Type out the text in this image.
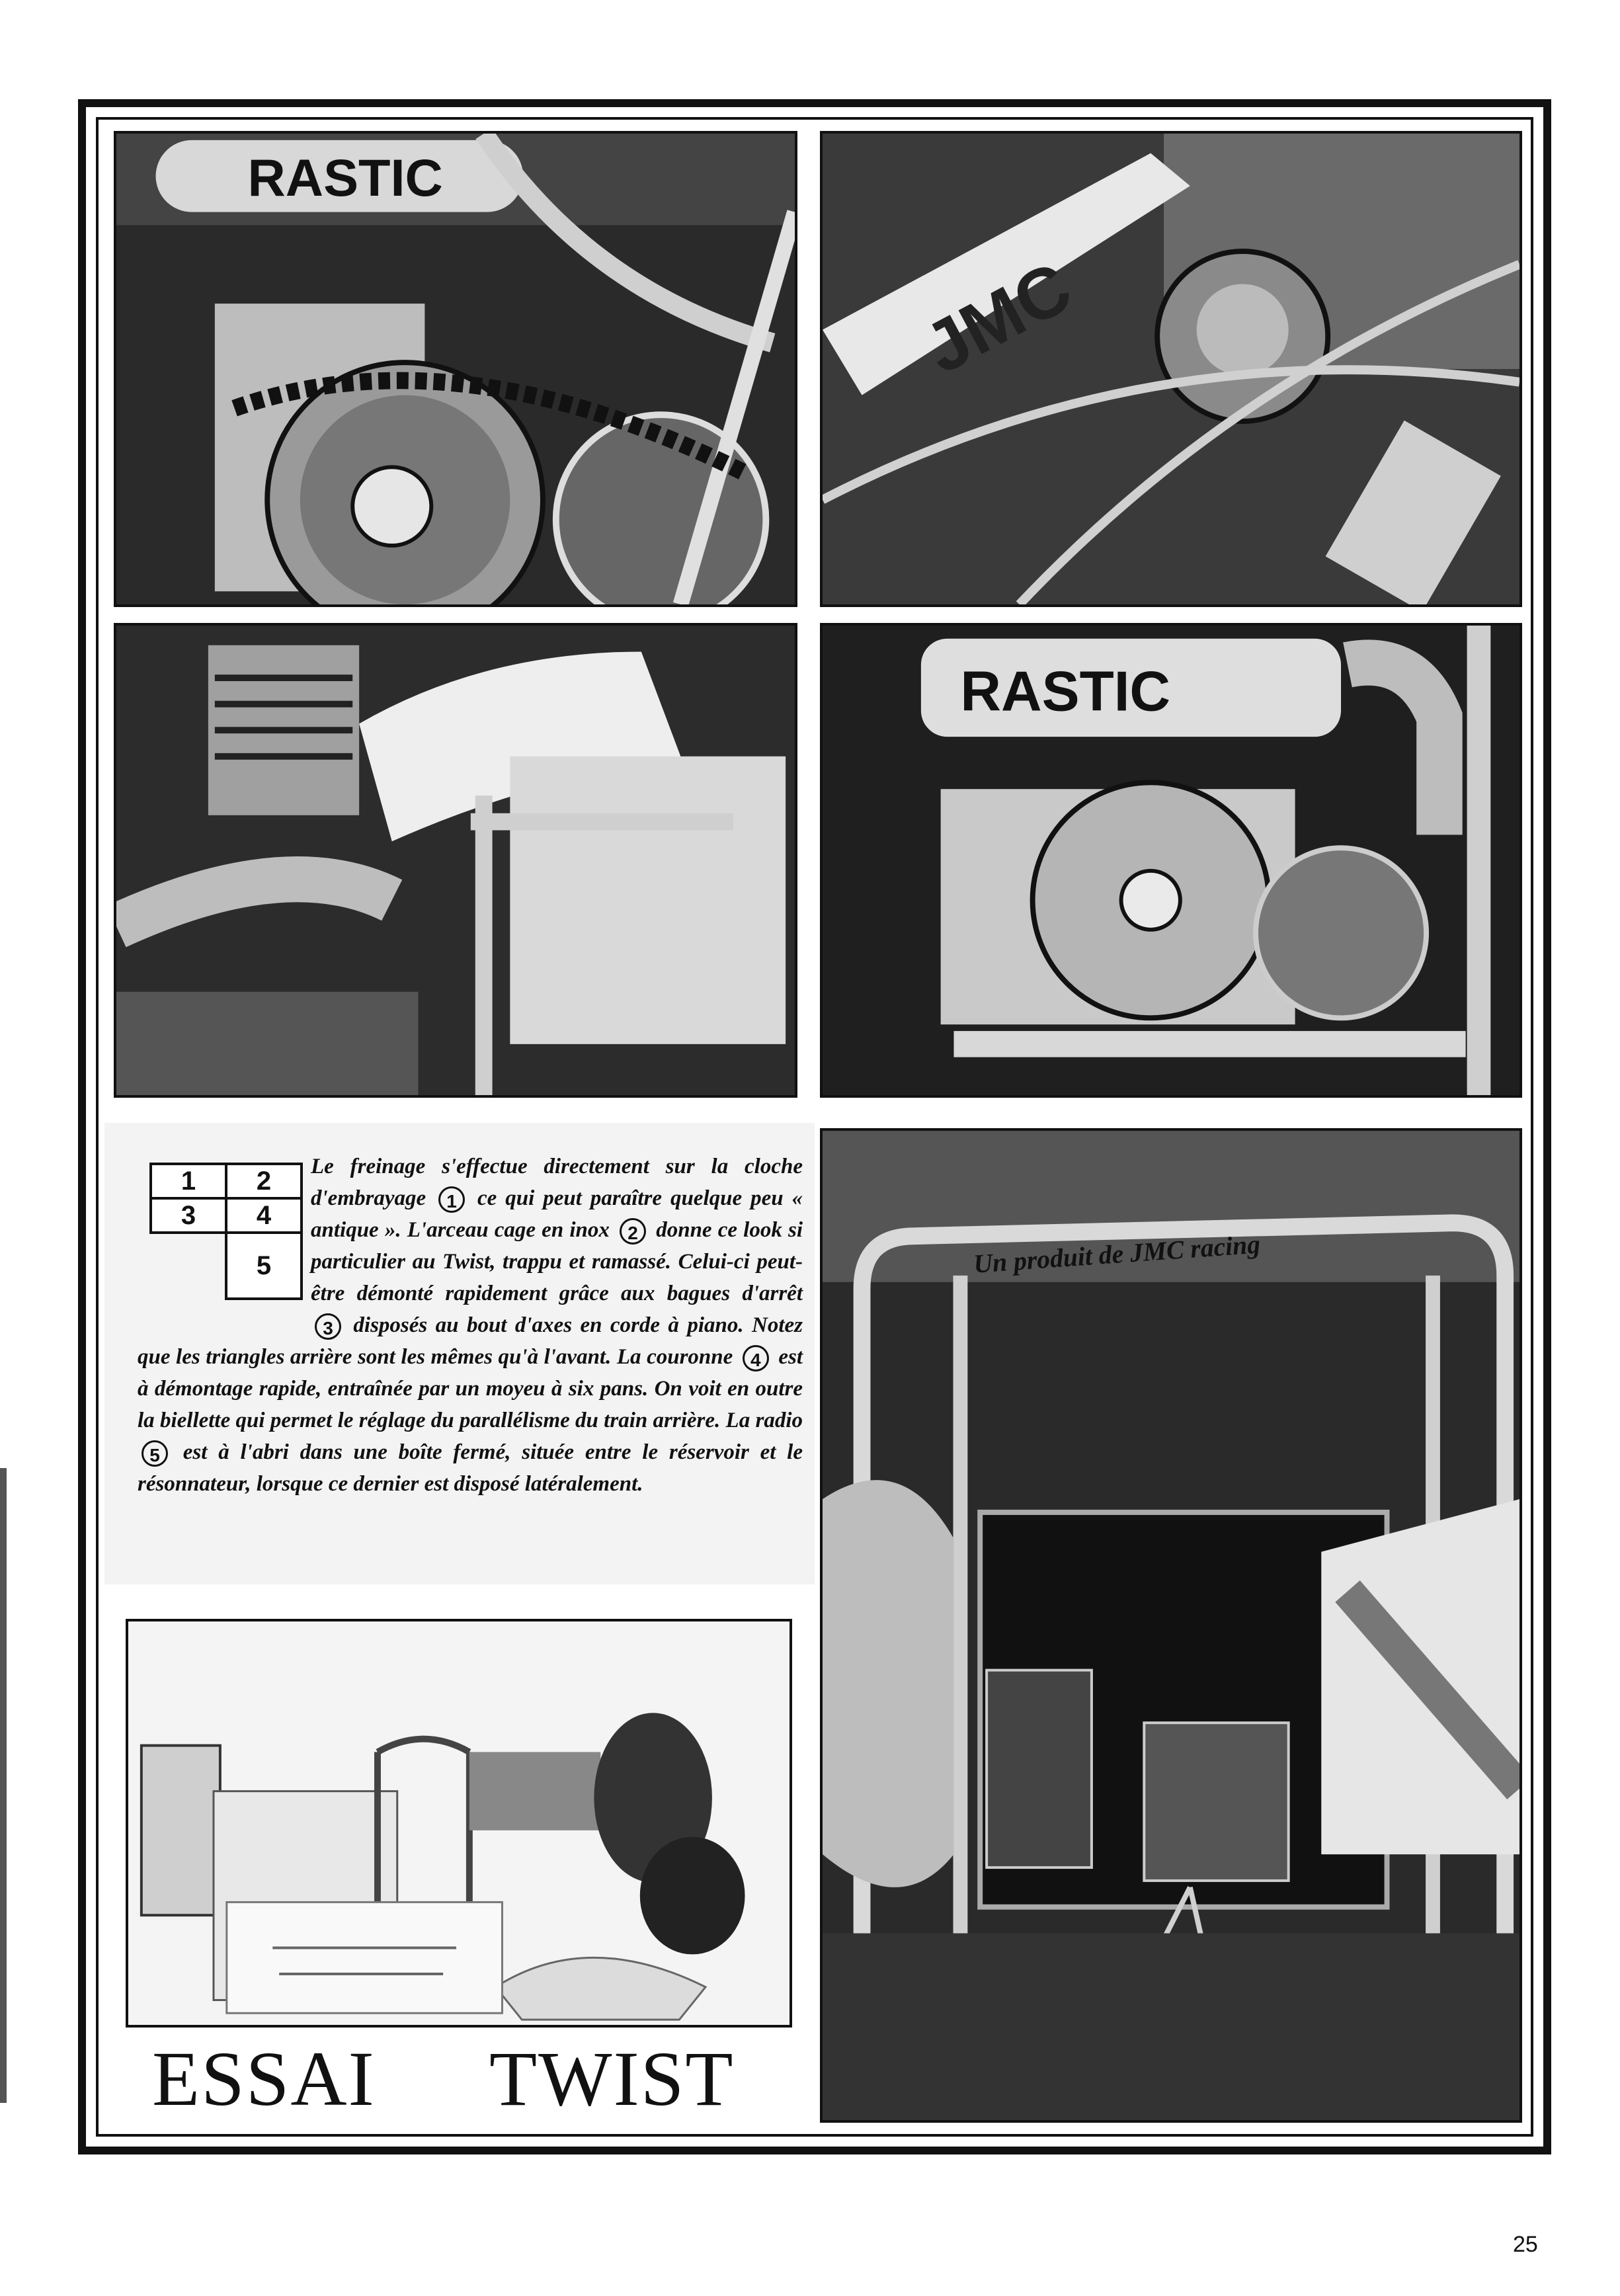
RASTIC
JMC
RASTIC
1	2
3	4
5

Le freinage s'effectue directement sur la cloche d'embrayage 1 ce qui peut paraître quelque peu « antique ». L'arceau cage en inox 2 donne ce look si particulier au Twist, trappu et ramassé. Celui-ci peut-être démonté rapidement grâce aux bagues d'arrêt 3 disposés au bout d'axes en corde à piano. Notez que les triangles arrière sont les mêmes qu'à l'avant. La couronne 4 est à démontage rapide, entraînée par un moyeu à six pans. On voit en outre la biellette qui permet le réglage du parallélisme du train arrière. La radio 5 est à l'abri dans une boîte fermé, située entre le réservoir et le résonnateur, lorsque ce dernier est disposé latéralement.

ESSAI TWIST
Un produit de JMC racing
25
